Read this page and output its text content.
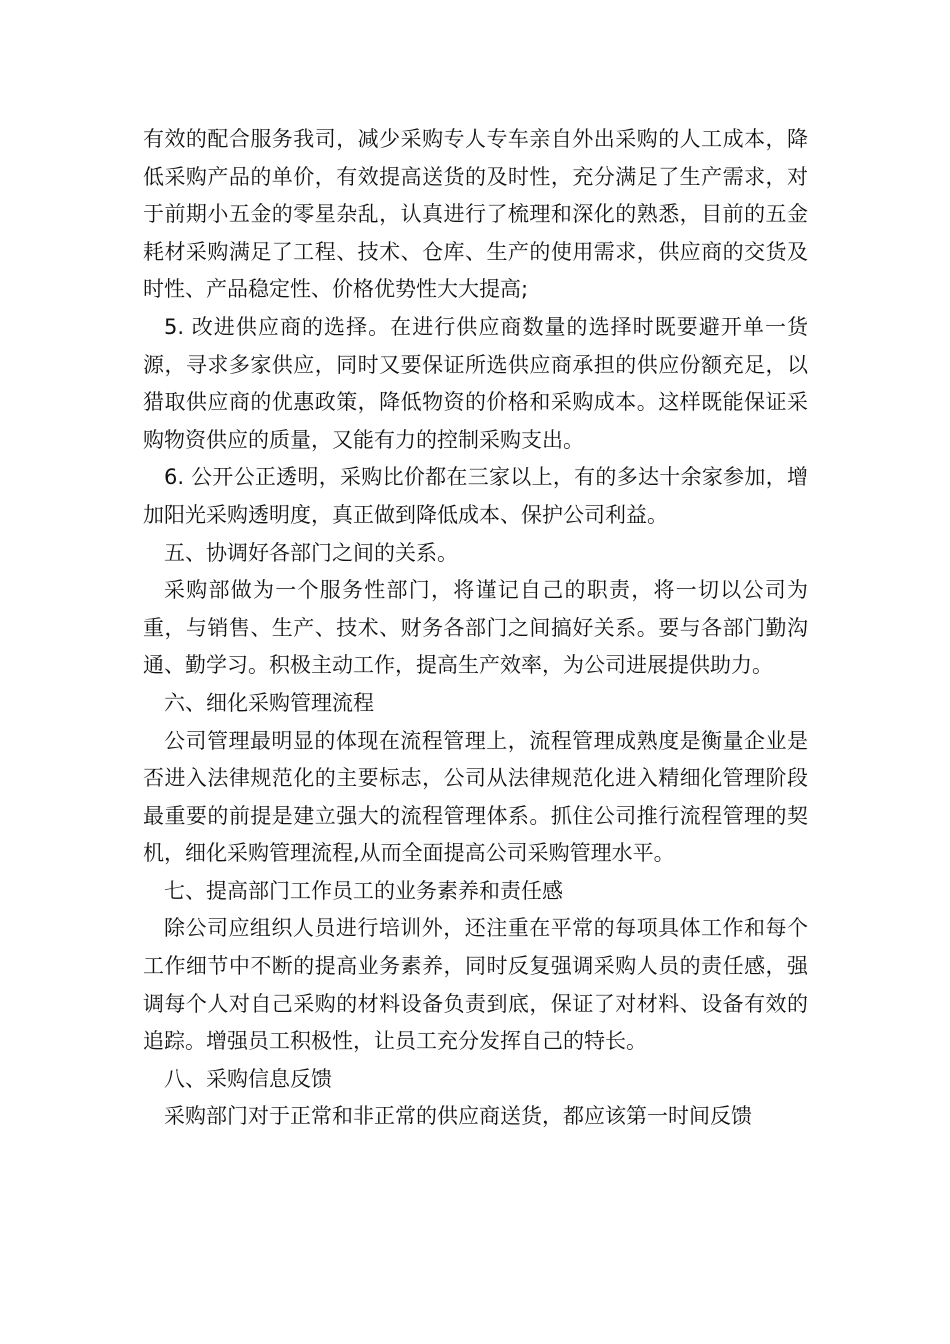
有效的配合服务我司，减少采购专人专车亲自外出采购的人工成本，降低采购产品的单价，有效提高送货的及时性，充分满足了生产需求，对于前期小五金的零星杂乱，认真进行了梳理和深化的熟悉，目前的五金耗材采购满足了工程、技术、仓库、生产的使用需求，供应商的交货及时性、产品稳定性、价格优势性大大提高;

5. 改进供应商的选择。在进行供应商数量的选择时既要避开单一货源，寻求多家供应，同时又要保证所选供应商承担的供应份额充足，以猎取供应商的优惠政策，降低物资的价格和采购成本。这样既能保证采购物资供应的质量，又能有力的控制采购支出。

6. 公开公正透明，采购比价都在三家以上，有的多达十余家参加，增加阳光采购透明度，真正做到降低成本、保护公司利益。

五、协调好各部门之间的关系。

采购部做为一个服务性部门，将谨记自己的职责，将一切以公司为重，与销售、生产、技术、财务各部门之间搞好关系。要与各部门勤沟通、勤学习。积极主动工作，提高生产效率，为公司进展提供助力。

六、细化采购管理流程

公司管理最明显的体现在流程管理上，流程管理成熟度是衡量企业是否进入法律规范化的主要标志，公司从法律规范化进入精细化管理阶段最重要的前提是建立强大的流程管理体系。抓住公司推行流程管理的契机，细化采购管理流程,从而全面提高公司采购管理水平。

七、提高部门工作员工的业务素养和责任感

除公司应组织人员进行培训外，还注重在平常的每项具体工作和每个工作细节中不断的提高业务素养，同时反复强调采购人员的责任感，强调每个人对自己采购的材料设备负责到底，保证了对材料、设备有效的追踪。增强员工积极性，让员工充分发挥自己的特长。

八、采购信息反馈

采购部门对于正常和非正常的供应商送货，都应该第一时间反馈
